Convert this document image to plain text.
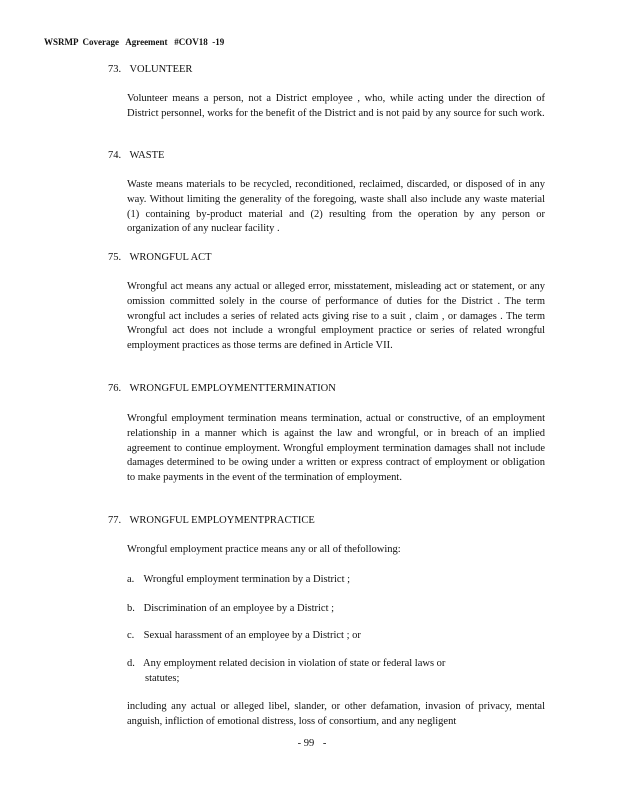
WSRMP  Coverage   Agreement   #COV18  -19
73. VOLUNTEER
Volunteer means a person, not a District employee , who, while acting under the direction of District personnel, works for the benefit of the District and is not paid by any source for such work.
74. WASTE
Waste means materials to be recycled, reconditioned, reclaimed, discarded, or disposed of in any way. Without limiting the generality of the foregoing, waste shall also include any waste material (1) containing by-product material and (2) resulting from the operation by any person or organization of any nuclear facility .
75. WRONGFUL ACT
Wrongful act means any actual or alleged error, misstatement, misleading act or statement, or any omission committed solely in the course of performance of duties for the District . The term wrongful act includes a series of related acts giving rise to a suit , claim , or damages . The term Wrongful act does not include a wrongful employment practice or series of related wrongful employment practices as those terms are defined in Article VII.
76. WRONGFUL EMPLOYMENTTERMINATION
Wrongful employment termination means termination, actual or constructive, of an employment relationship in a manner which is against the law and wrongful, or in breach of an implied agreement to continue employment. Wrongful employment termination damages shall not include damages determined to be owing under a written or express contract of employment or obligation to make payments in the event of the termination of employment.
77. WRONGFUL EMPLOYMENTPRACTICE
Wrongful employment practice means any or all of thefollowing:
a. Wrongful employment termination by a District ;
b. Discrimination of an employee by a District ;
c. Sexual harassment of an employee by a District ; or
d. Any employment related decision in violation of state or federal laws or
statutes;
including any actual or alleged libel, slander, or other defamation, invasion of privacy, mental anguish, infliction of emotional distress, loss of consortium, and any negligent
- 99 -
